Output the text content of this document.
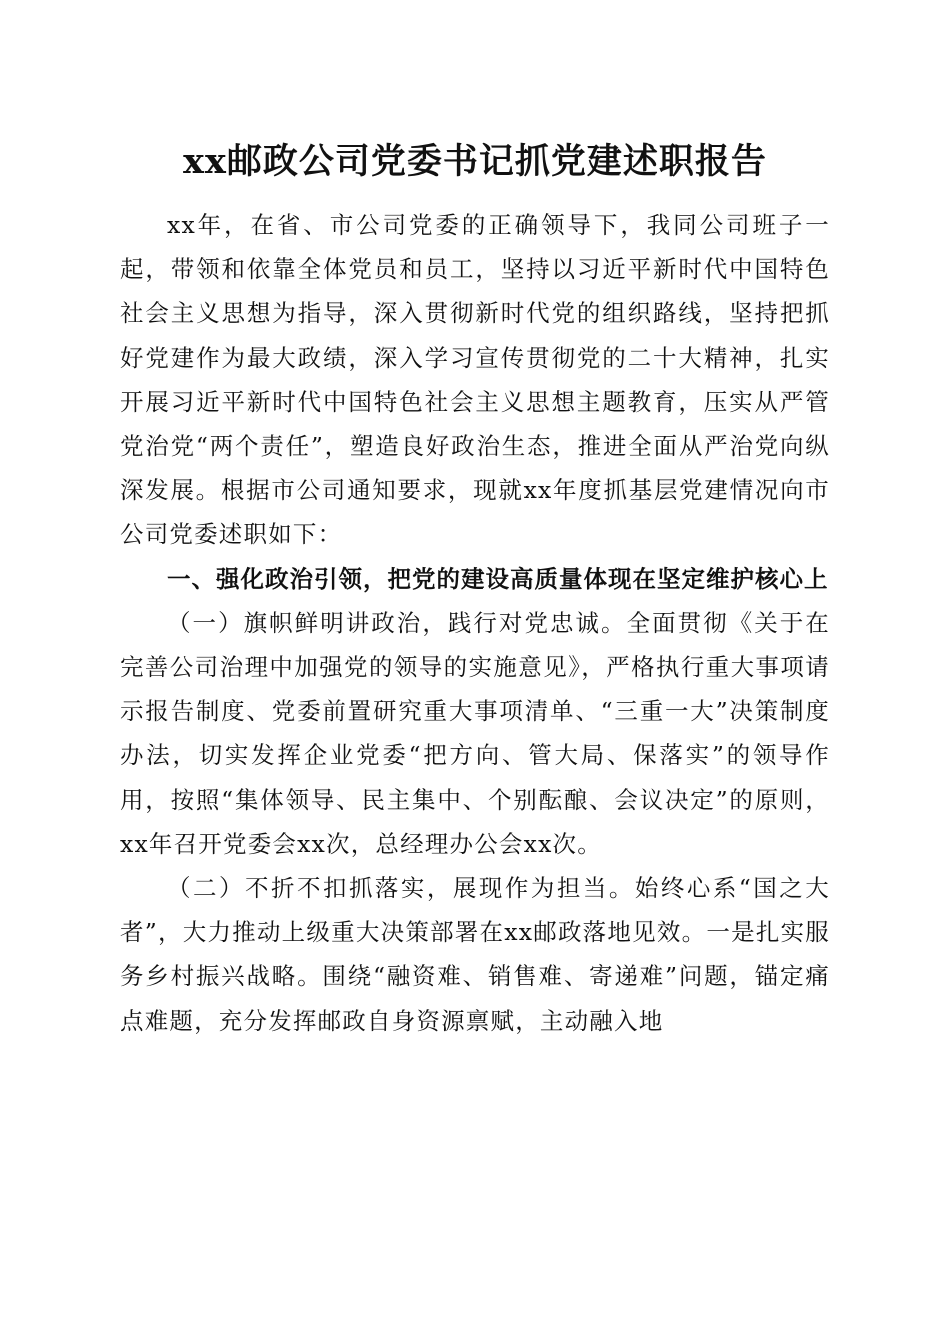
xx邮政公司党委书记抓党建述职报告

xx年，在省、市公司党委的正确领导下，我同公司班子一起，带领和依靠全体党员和员工，坚持以习近平新时代中国特色社会主义思想为指导，深入贯彻新时代党的组织路线，坚持把抓好党建作为最大政绩，深入学习宣传贯彻党的二十大精神，扎实开展习近平新时代中国特色社会主义思想主题教育，压实从严管党治党“两个责任”，塑造良好政治生态，推进全面从严治党向纵深发展。根据市公司通知要求，现就xx年度抓基层党建情况向市公司党委述职如下：

一、强化政治引领，把党的建设高质量体现在坚定维护核心上

（一）旗帜鲜明讲政治，践行对党忠诚。全面贯彻《关于在完善公司治理中加强党的领导的实施意见》，严格执行重大事项请示报告制度、党委前置研究重大事项清单、“三重一大”决策制度办法，切实发挥企业党委“把方向、管大局、保落实”的领导作用，按照“集体领导、民主集中、个别酝酿、会议决定”的原则，xx年召开党委会xx次，总经理办公会xx次。

（二）不折不扣抓落实，展现作为担当。始终心系“国之大者”，大力推动上级重大决策部署在xx邮政落地见效。一是扎实服务乡村振兴战略。围绕“融资难、销售难、寄递难”问题，锚定痛点难题，充分发挥邮政自身资源禀赋，主动融入地
